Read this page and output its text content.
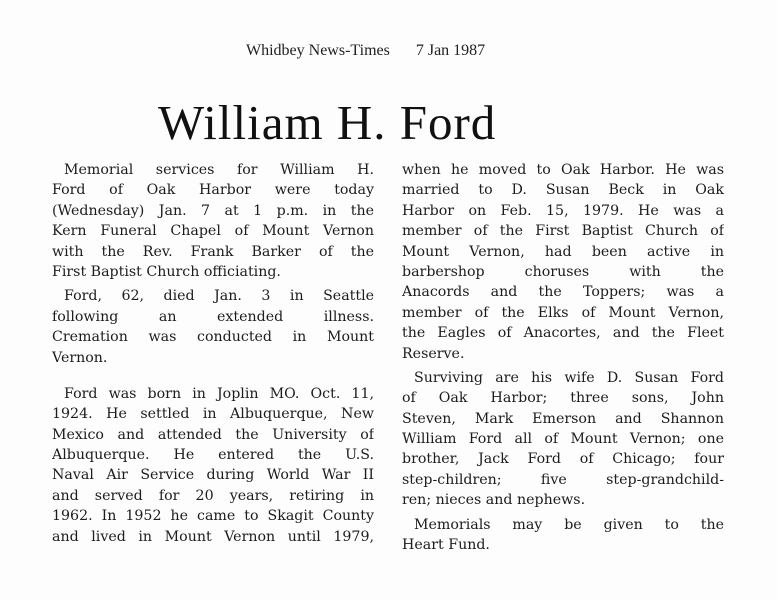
Whidbey News-Times 7 Jan 1987
William H. Ford
Memorial services for William H.
Ford of Oak Harbor were today
(Wednesday) Jan. 7 at 1 p.m. in the
Kern Funeral Chapel of Mount Vernon
with the Rev. Frank Barker of the
First Baptist Church officiating.
Ford, 62, died Jan. 3 in Seattle
following an extended illness.
Cremation was conducted in Mount
Vernon.
Ford was born in Joplin MO. Oct. 11,
1924. He settled in Albuquerque, New
Mexico and attended the University of
Albuquerque. He entered the U.S.
Naval Air Service during World War II
and served for 20 years, retiring in
1962. In 1952 he came to Skagit County
and lived in Mount Vernon until 1979,
when he moved to Oak Harbor. He was
married to D. Susan Beck in Oak
Harbor on Feb. 15, 1979. He was a
member of the First Baptist Church of
Mount Vernon, had been active in
barbershop choruses with the
Anacords and the Toppers; was a
member of the Elks of Mount Vernon,
the Eagles of Anacortes, and the Fleet
Reserve.
Surviving are his wife D. Susan Ford
of Oak Harbor; three sons, John
Steven, Mark Emerson and Shannon
William Ford all of Mount Vernon; one
brother, Jack Ford of Chicago; four
step-children; five step-grandchild-
ren; nieces and nephews.
Memorials may be given to the
Heart Fund.
